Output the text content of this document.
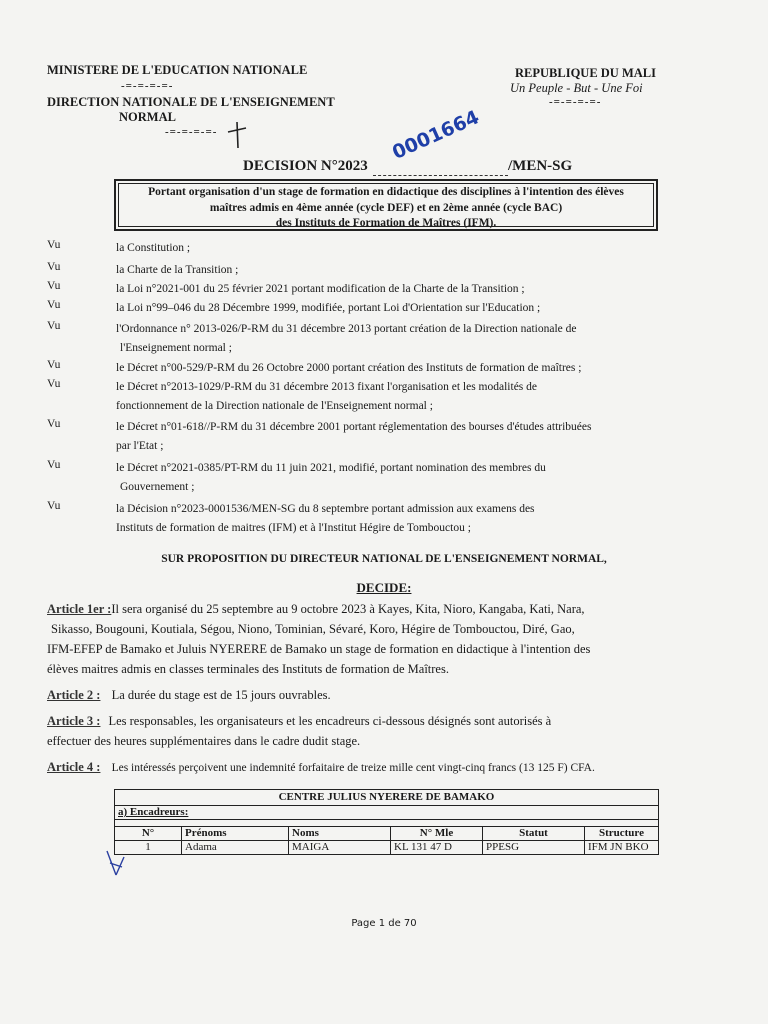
MINISTERE DE L'EDUCATION NATIONALE
-=-=-=-=-
DIRECTION NATIONALE DE L'ENSEIGNEMENT
NORMAL
-=-=-=-=-
REPUBLIQUE DU MALI
Un Peuple - But - Une Foi
-=-=-=-=-
DECISION N°2023
0001664
/MEN-SG
Portant organisation d'un stage de formation en didactique des disciplines à l'intention des élèves
maîtres admis en 4ème année (cycle DEF) et en 2ème année (cycle BAC)
des Instituts de Formation de Maîtres (IFM).
Vu	la Constitution ;
Vu	la Charte de la Transition ;
Vu	la Loi n°2021-001 du 25 février 2021 portant modification de la Charte de la Transition ;
Vu	la Loi n°99–046 du 28 Décembre 1999, modifiée, portant Loi d'Orientation sur l'Education ;
Vu	l'Ordonnance n° 2013-026/P-RM du 31 décembre 2013 portant création de la Direction nationale de
l'Enseignement normal ;
Vu	le Décret n°00-529/P-RM du 26 Octobre 2000 portant création des Instituts de formation de maîtres ;
Vu	le Décret n°2013-1029/P-RM du 31 décembre 2013 fixant l'organisation et les modalités de
fonctionnement de la Direction nationale de l'Enseignement normal ;
Vu	le Décret n°01-618//P-RM du 31 décembre 2001 portant réglementation des bourses d'études attribuées
par l'Etat ;
Vu	le Décret n°2021-0385/PT-RM du 11 juin 2021, modifié, portant nomination des membres du
Gouvernement ;
Vu	la Décision n°2023-0001536/MEN-SG du 8 septembre portant admission aux examens des
Instituts de formation de maitres (IFM) et à l'Institut Hégire de Tombouctou ;
SUR PROPOSITION DU DIRECTEUR NATIONAL DE L'ENSEIGNEMENT NORMAL,
DECIDE:
Article 1er :Il sera organisé du 25 septembre au 9 octobre 2023 à Kayes, Kita, Nioro, Kangaba, Kati, Nara,
Sikasso, Bougouni, Koutiala, Ségou, Niono, Tominian, Sévaré, Koro, Hégire de Tombouctou, Diré, Gao,
IFM-EFEP de Bamako et Juluis NYERERE de Bamako un stage de formation en didactique à l'intention des
élèves maitres admis en classes terminales des Instituts de formation de Maîtres.
Article 2 : La durée du stage est de 15 jours ouvrables.
Article 3 : Les responsables, les organisateurs et les encadreurs ci-dessous désignés sont autorisés à
effectuer des heures supplémentaires dans le cadre dudit stage.
Article 4 : Les intéressés perçoivent une indemnité forfaitaire de treize mille cent vingt-cinq francs (13 125 F) CFA.
CENTRE JULIUS NYERERE DE BAMAKO					
a) Encadreurs:					

N°	Prénoms	Noms	N° Mle	Statut	Structure
1	Adama	MAIGA	KL 131 47 D	PPESG	IFM JN BKO
Page 1 de 70
